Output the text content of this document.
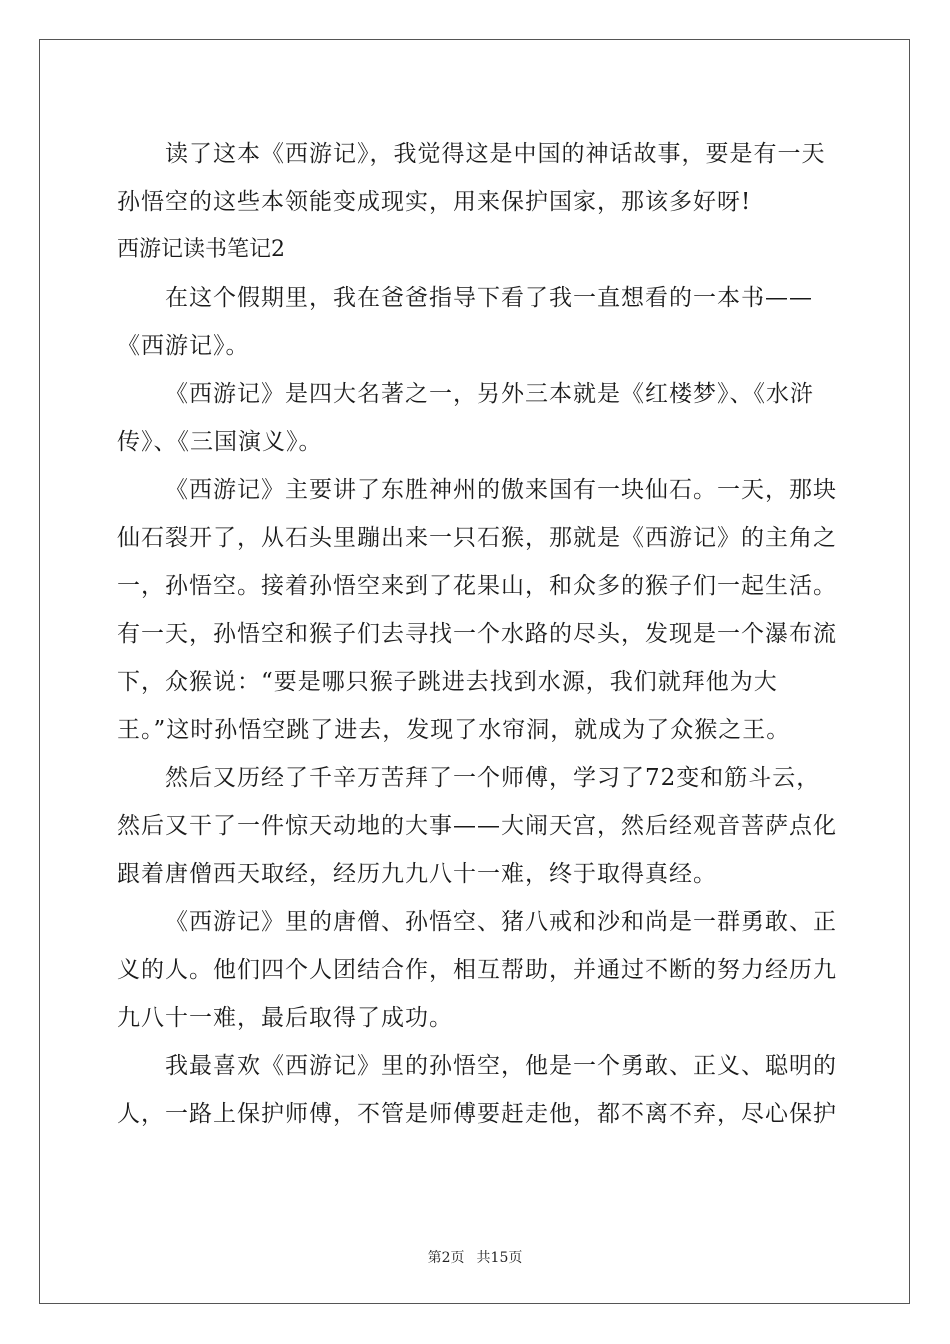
读了这本《西游记》，我觉得这是中国的神话故事，要是有一天
孙悟空的这些本领能变成现实，用来保护国家，那该多好呀!
西游记读书笔记2
在这个假期里，我在爸爸指导下看了我一直想看的一本书——
《西游记》。
《西游记》是四大名著之一，另外三本就是《红楼梦》、《水浒
传》、《三国演义》。
《西游记》主要讲了东胜神州的傲来国有一块仙石。一天，那块
仙石裂开了，从石头里蹦出来一只石猴，那就是《西游记》的主角之
一，孙悟空。接着孙悟空来到了花果山，和众多的猴子们一起生活。
有一天，孙悟空和猴子们去寻找一个水路的尽头，发现是一个瀑布流
下，众猴说：“要是哪只猴子跳进去找到水源，我们就拜他为大
王。”这时孙悟空跳了进去，发现了水帘洞，就成为了众猴之王。
然后又历经了千辛万苦拜了一个师傅，学习了72变和筋斗云，
然后又干了一件惊天动地的大事——大闹天宫，然后经观音菩萨点化
跟着唐僧西天取经，经历九九八十一难，终于取得真经。
《西游记》里的唐僧、孙悟空、猪八戒和沙和尚是一群勇敢、正
义的人。他们四个人团结合作，相互帮助，并通过不断的努力经历九
九八十一难，最后取得了成功。
我最喜欢《西游记》里的孙悟空，他是一个勇敢、正义、聪明的
人，一路上保护师傅，不管是师傅要赶走他，都不离不弃，尽心保护
第2页 共15页
